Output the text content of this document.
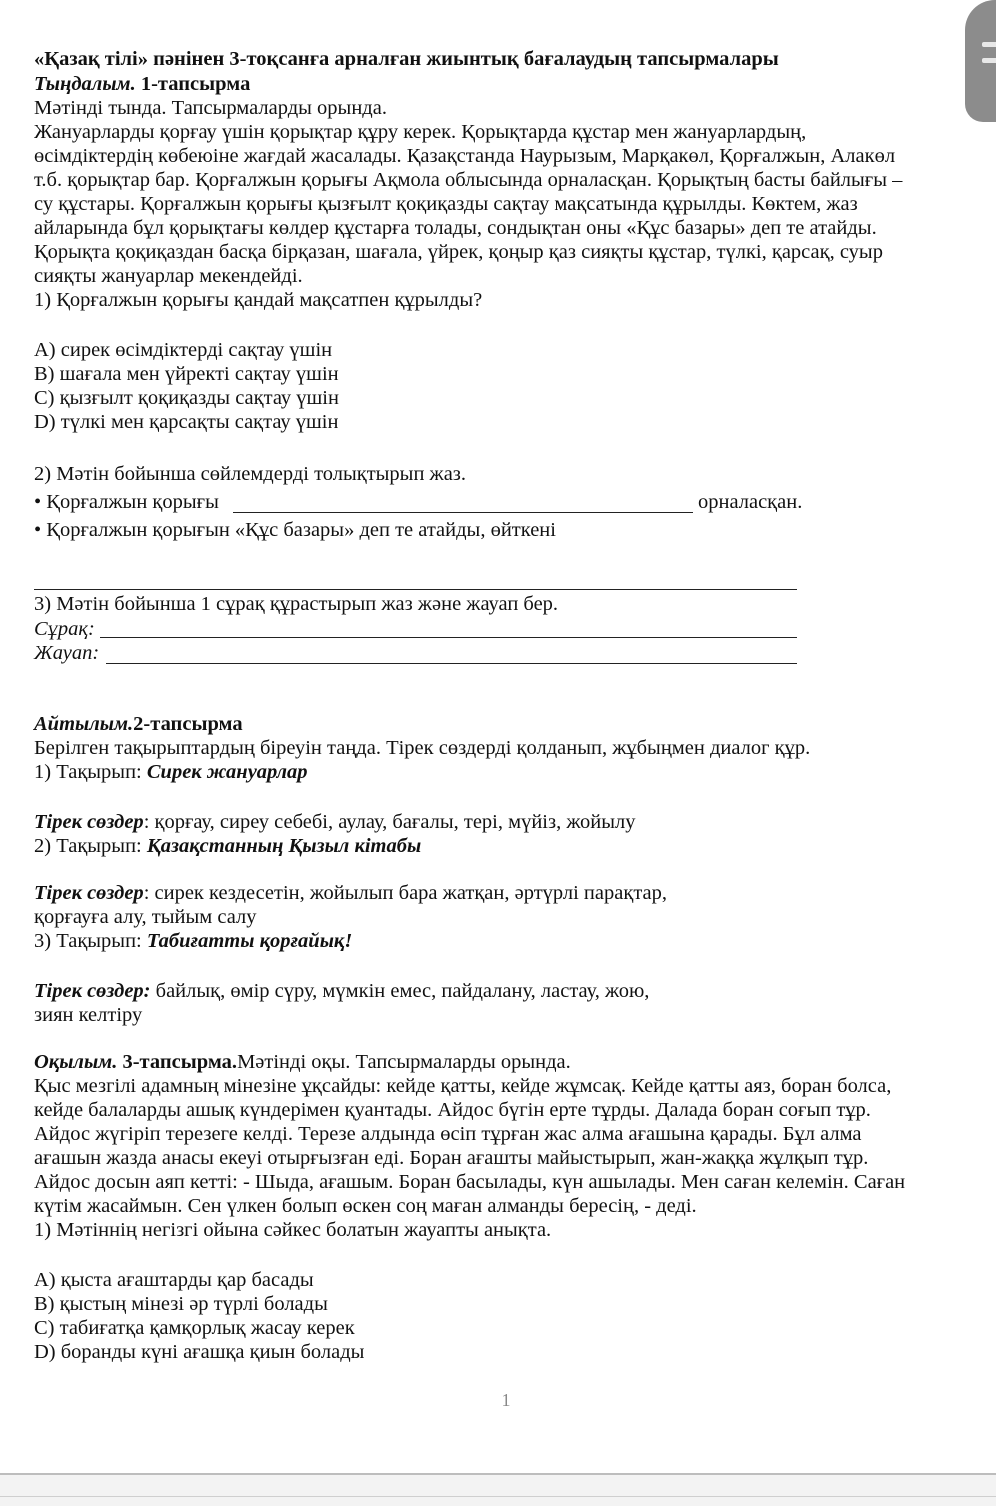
«Қазақ тілі» пәнінен 3-тоқсанға арналған жиынтық бағалаудың тапсырмалары
Тыңдалым. 1-тапсырма
Мәтінді тында. Тапсырмаларды орында.
Жануарларды қорғау үшін қорықтар құру керек. Қорықтарда құстар мен жануарлардың,
өсімдіктердің көбеюіне жағдай жасалады. Қазақстанда Наурызым, Марқакөл, Қорғалжын, Алакөл
т.б. қорықтар бар. Қорғалжын қорығы Ақмола облысында орналасқан. Қорықтың басты байлығы –
су құстары. Қорғалжын қорығы қызғылт қоқиқазды сақтау мақсатында құрылды. Көктем, жаз
айларында бұл қорықтағы көлдер құстарға толады, сондықтан оны «Құс базары» деп те атайды.
Қорықта қоқиқаздан басқа бірқазан, шағала, үйрек, қоңыр қаз сияқты құстар, түлкі, қарсақ, суыр
сияқты жануарлар мекендейді.
1) Қорғалжын қорығы қандай мақсатпен құрылды?
A) сирек өсімдіктерді сақтау үшін
B) шағала мен үйректі сақтау үшін
C) қызғылт қоқиқазды сақтау үшін
D) түлкі мен қарсақты сақтау үшін
2) Мәтін бойынша сөйлемдерді толықтырып жаз.
• Қорғалжын қорығы	орналасқан.
• Қорғалжын қорығын «Құс базары» деп те атайды, өйткені
3) Мәтін бойынша 1 сұрақ құрастырып жаз және жауап бер.
Сұрақ:
Жауап:
Айтылым.2-тапсырма
Берілген тақырыптардың біреуін таңда. Тірек сөздерді қолданып, жұбыңмен диалог құр.
1) Тақырып: Сирек жануарлар
Тірек сөздер: қорғау, сиреу себебі, аулау, бағалы, тері, мүйіз, жойылу
2) Тақырып: Қазақстанның Қызыл кітабы
Тірек сөздер: сирек кездесетін, жойылып бара жатқан, әртүрлі парақтар,
қорғауға алу, тыйым салу
3) Тақырып: Табиғатты қорғайық!
Тірек сөздер: байлық, өмір сүру, мүмкін емес, пайдалану, ластау, жою,
зиян келтіру
Оқылым. 3-тапсырма.Мәтінді оқы. Тапсырмаларды орында.
Қыс мезгілі адамның мінезіне ұқсайды: кейде қатты, кейде жұмсақ. Кейде қатты аяз, боран болса,
кейде балаларды ашық күндерімен қуантады. Айдос бүгін ерте тұрды. Далада боран соғып тұр.
Айдос жүгіріп терезеге келді. Терезе алдында өсіп тұрған жас алма ағашына қарады. Бұл алма
ағашын жазда анасы екеуі отырғызған еді. Боран ағашты майыстырып, жан-жаққа жұлқып тұр.
Айдос досын аяп кетті: - Шыда, ағашым. Боран басылады, күн ашылады. Мен саған келемін. Саған
күтім жасаймын. Сен үлкен болып өскен соң маған алманды бересің, - деді.
1) Мәтіннің негізгі ойына сәйкес болатын жауапты анықта.
A) қыста ағаштарды қар басады
B) қыстың мінезі әр түрлі болады
C) табиғатқа қамқорлық жасау керек
D) боранды күні ағашқа қиын болады
1
